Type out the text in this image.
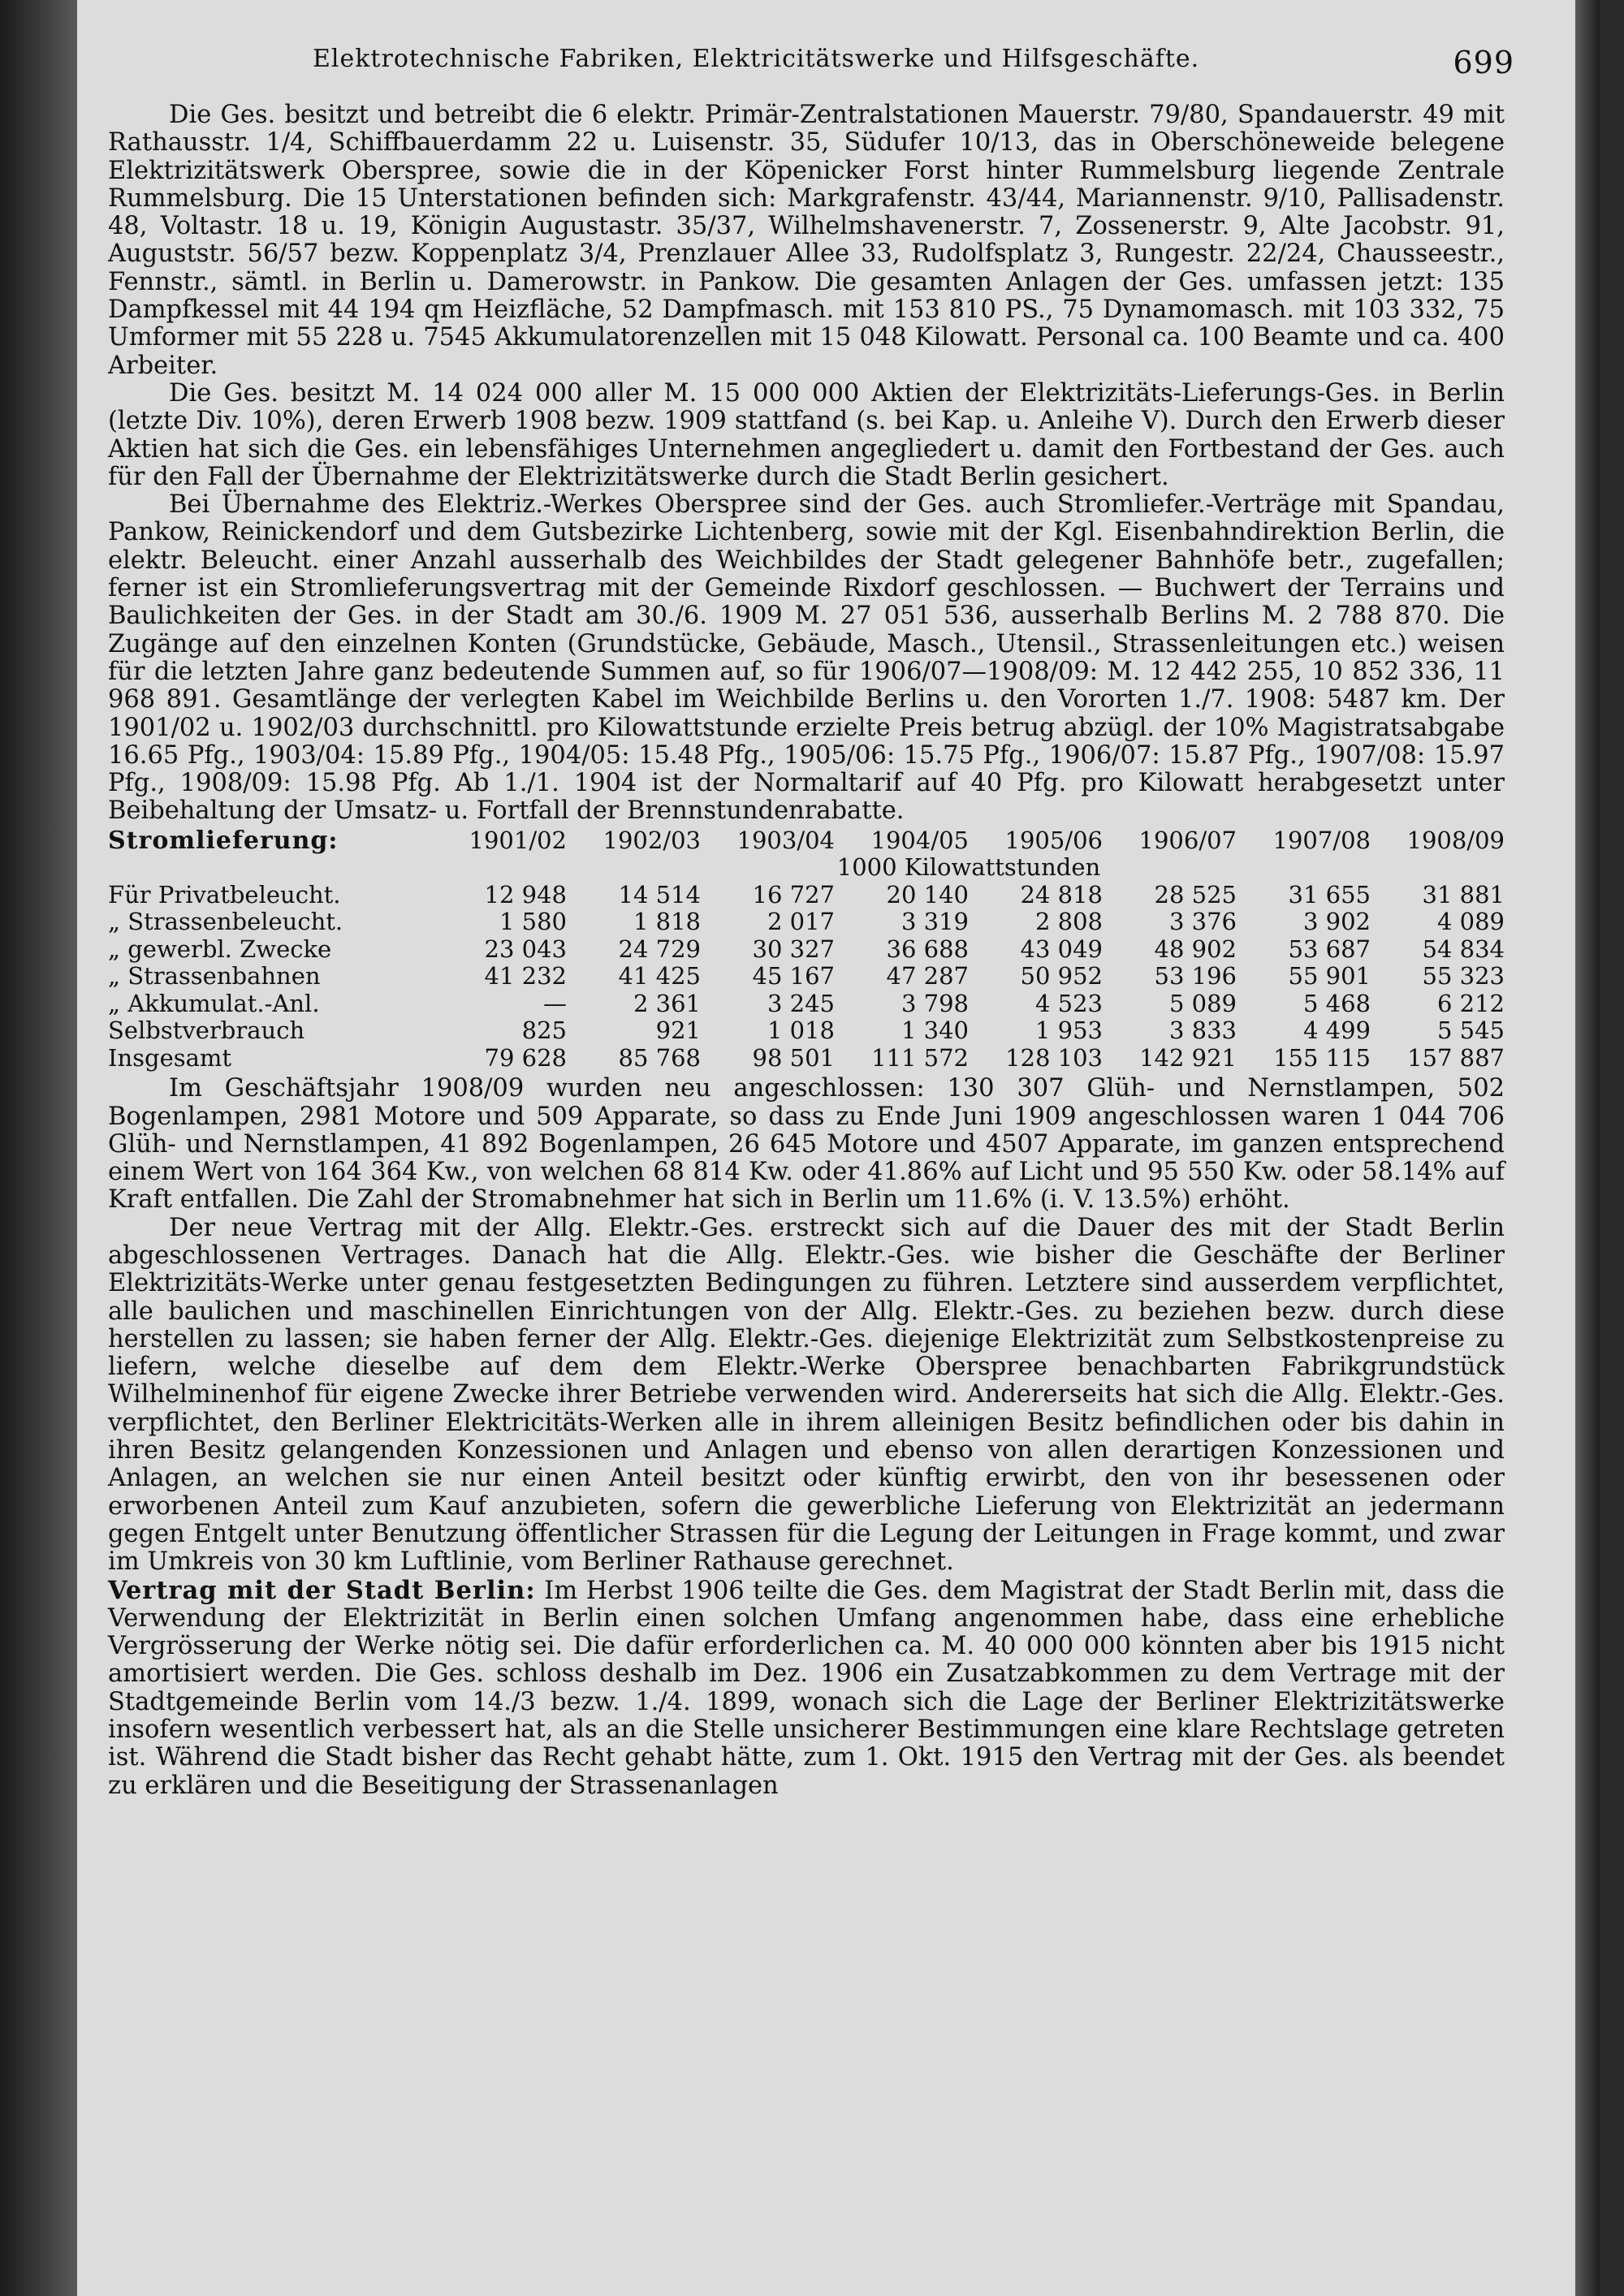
Elektrotechnische Fabriken, Elektricitätswerke und Hilfsgeschäfte.	699

Die Ges. besitzt und betreibt die 6 elektr. Primär-Zentralstationen Mauerstr. 79/80, Spandauerstr. 49 mit Rathausstr. 1/4, Schiffbauerdamm 22 u. Luisenstr. 35, Südufer 10/13, das in Oberschöneweide belegene Elektrizitätswerk Oberspree, sowie die in der Köpenicker Forst hinter Rummelsburg liegende Zentrale Rummelsburg. Die 15 Unterstationen befinden sich: Markgrafenstr. 43/44, Mariannenstr. 9/10, Pallisadenstr. 48, Voltastr. 18 u. 19, Königin Augustastr. 35/37, Wilhelmshavenerstr. 7, Zossenerstr. 9, Alte Jacobstr. 91, Auguststr. 56/57 bezw. Koppenplatz 3/4, Prenzlauer Allee 33, Rudolfsplatz 3, Rungestr. 22/24, Chausseestr., Fennstr., sämtl. in Berlin u. Damerowstr. in Pankow. Die gesamten Anlagen der Ges. umfassen jetzt: 135 Dampfkessel mit 44 194 qm Heizfläche, 52 Dampfmasch. mit 153 810 PS., 75 Dynamomasch. mit 103 332, 75 Umformer mit 55 228 u. 7545 Akkumulatorenzellen mit 15 048 Kilowatt. Personal ca. 100 Beamte und ca. 400 Arbeiter.

Die Ges. besitzt M. 14 024 000 aller M. 15 000 000 Aktien der Elektrizitäts-Lieferungs-Ges. in Berlin (letzte Div. 10%), deren Erwerb 1908 bezw. 1909 stattfand (s. bei Kap. u. Anleihe V). Durch den Erwerb dieser Aktien hat sich die Ges. ein lebensfähiges Unternehmen angegliedert u. damit den Fortbestand der Ges. auch für den Fall der Übernahme der Elektrizitätswerke durch die Stadt Berlin gesichert.

Bei Übernahme des Elektriz.-Werkes Oberspree sind der Ges. auch Stromliefer.-Verträge mit Spandau, Pankow, Reinickendorf und dem Gutsbezirke Lichtenberg, sowie mit der Kgl. Eisenbahndirektion Berlin, die elektr. Beleucht. einer Anzahl ausserhalb des Weichbildes der Stadt gelegener Bahnhöfe betr., zugefallen; ferner ist ein Stromlieferungsvertrag mit der Gemeinde Rixdorf geschlossen. — Buchwert der Terrains und Baulichkeiten der Ges. in der Stadt am 30./6. 1909 M. 27 051 536, ausserhalb Berlins M. 2 788 870. Die Zugänge auf den einzelnen Konten (Grundstücke, Gebäude, Masch., Utensil., Strassenleitungen etc.) weisen für die letzten Jahre ganz bedeutende Summen auf, so für 1906/07—1908/09: M. 12 442 255, 10 852 336, 11 968 891. Gesamtlänge der verlegten Kabel im Weichbilde Berlins u. den Vororten 1./7. 1908: 5487 km. Der 1901/02 u. 1902/03 durchschnittl. pro Kilowattstunde erzielte Preis betrug abzügl. der 10% Magistratsabgabe 16.65 Pfg., 1903/04: 15.89 Pfg., 1904/05: 15.48 Pfg., 1905/06: 15.75 Pfg., 1906/07: 15.87 Pfg., 1907/08: 15.97 Pfg., 1908/09: 15.98 Pfg. Ab 1./1. 1904 ist der Normaltarif auf 40 Pfg. pro Kilowatt herabgesetzt unter Beibehaltung der Umsatz- u. Fortfall der Brennstundenrabatte.

Stromlieferung:	1901/02	1902/03	1903/04	1904/05	1905/06	1906/07	1907/08	1908/09
	1000 Kilowattstunden							
Für Privatbeleucht.	12 948	14 514	16 727	20 140	24 818	28 525	31 655	31 881
„ Strassenbeleucht.	1 580	1 818	2 017	3 319	2 808	3 376	3 902	4 089
„ gewerbl. Zwecke	23 043	24 729	30 327	36 688	43 049	48 902	53 687	54 834
„ Strassenbahnen	41 232	41 425	45 167	47 287	50 952	53 196	55 901	55 323
„ Akkumulat.-Anl.	—	2 361	3 245	3 798	4 523	5 089	5 468	6 212
Selbstverbrauch	825	921	1 018	1 340	1 953	3 833	4 499	5 545
Insgesamt	79 628	85 768	98 501	111 572	128 103	142 921	155 115	157 887

Im Geschäftsjahr 1908/09 wurden neu angeschlossen: 130 307 Glüh- und Nernstlampen, 502 Bogenlampen, 2981 Motore und 509 Apparate, so dass zu Ende Juni 1909 angeschlossen waren 1 044 706 Glüh- und Nernstlampen, 41 892 Bogenlampen, 26 645 Motore und 4507 Apparate, im ganzen entsprechend einem Wert von 164 364 Kw., von welchen 68 814 Kw. oder 41.86% auf Licht und 95 550 Kw. oder 58.14% auf Kraft entfallen. Die Zahl der Stromabnehmer hat sich in Berlin um 11.6% (i. V. 13.5%) erhöht.

Der neue Vertrag mit der Allg. Elektr.-Ges. erstreckt sich auf die Dauer des mit der Stadt Berlin abgeschlossenen Vertrages. Danach hat die Allg. Elektr.-Ges. wie bisher die Geschäfte der Berliner Elektrizitäts-Werke unter genau festgesetzten Bedingungen zu führen. Letztere sind ausserdem verpflichtet, alle baulichen und maschinellen Einrichtungen von der Allg. Elektr.-Ges. zu beziehen bezw. durch diese herstellen zu lassen; sie haben ferner der Allg. Elektr.-Ges. diejenige Elektrizität zum Selbstkostenpreise zu liefern, welche dieselbe auf dem dem Elektr.-Werke Oberspree benachbarten Fabrikgrundstück Wilhelminenhof für eigene Zwecke ihrer Betriebe verwenden wird. Andererseits hat sich die Allg. Elektr.-Ges. verpflichtet, den Berliner Elektricitäts-Werken alle in ihrem alleinigen Besitz befindlichen oder bis dahin in ihren Besitz gelangenden Konzessionen und Anlagen und ebenso von allen derartigen Konzessionen und Anlagen, an welchen sie nur einen Anteil besitzt oder künftig erwirbt, den von ihr besessenen oder erworbenen Anteil zum Kauf anzubieten, sofern die gewerbliche Lieferung von Elektrizität an jedermann gegen Entgelt unter Benutzung öffentlicher Strassen für die Legung der Leitungen in Frage kommt, und zwar im Umkreis von 30 km Luftlinie, vom Berliner Rathause gerechnet.

Vertrag mit der Stadt Berlin: Im Herbst 1906 teilte die Ges. dem Magistrat der Stadt Berlin mit, dass die Verwendung der Elektrizität in Berlin einen solchen Umfang angenommen habe, dass eine erhebliche Vergrösserung der Werke nötig sei. Die dafür erforderlichen ca. M. 40 000 000 könnten aber bis 1915 nicht amortisiert werden. Die Ges. schloss deshalb im Dez. 1906 ein Zusatzabkommen zu dem Vertrage mit der Stadtgemeinde Berlin vom 14./3 bezw. 1./4. 1899, wonach sich die Lage der Berliner Elektrizitätswerke insofern wesentlich verbessert hat, als an die Stelle unsicherer Bestimmungen eine klare Rechtslage getreten ist. Während die Stadt bisher das Recht gehabt hätte, zum 1. Okt. 1915 den Vertrag mit der Ges. als beendet zu erklären und die Beseitigung der Strassenanlagen
